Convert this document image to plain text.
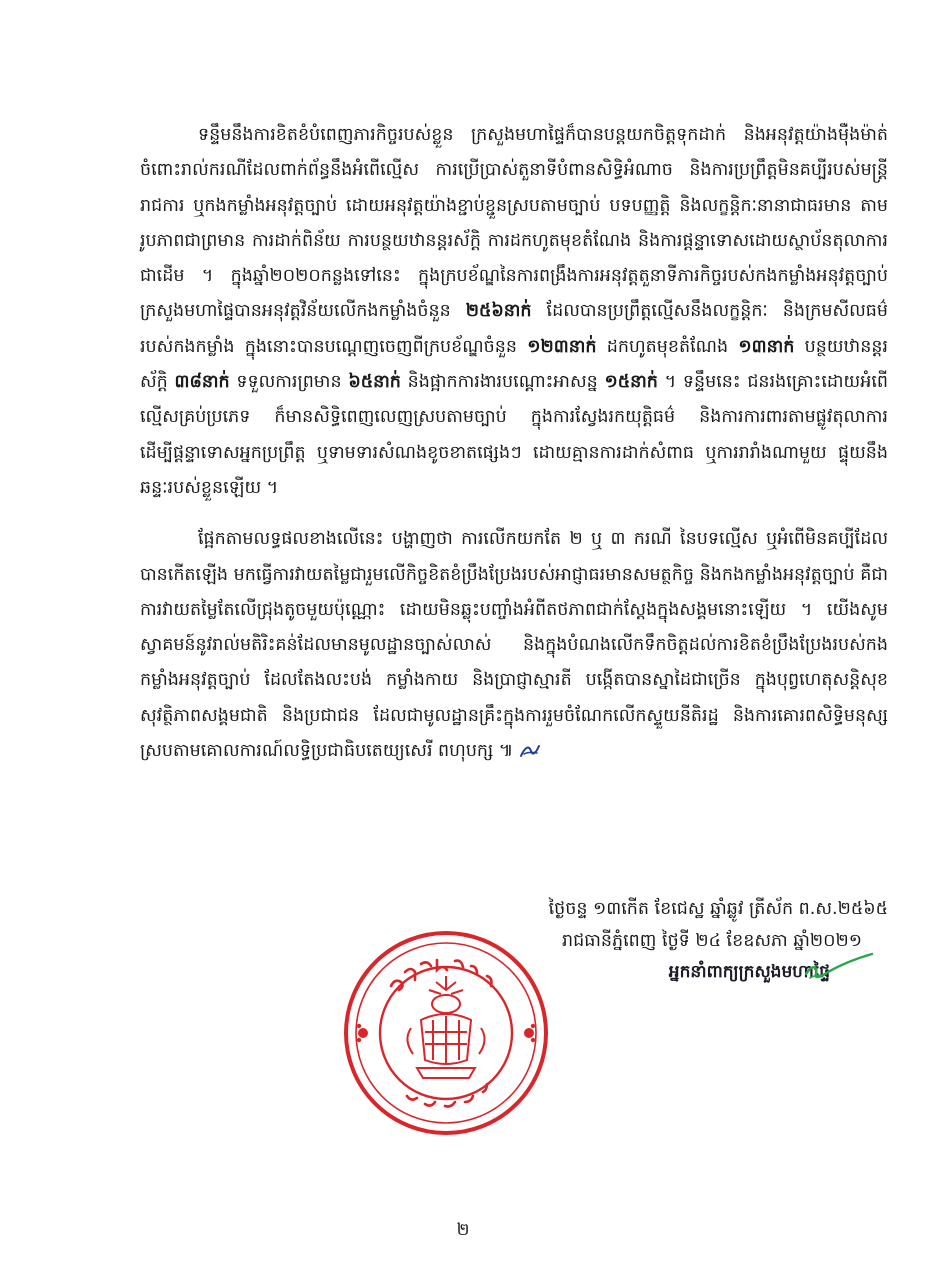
ទន្ទឹមនឹងការខិតខំបំពេញភារកិច្ចរបស់ខ្លួន ក្រសួងមហាផ្ទៃក៏បានបន្តយកចិត្តទុកដាក់ និងអនុវត្តយ៉ាងម៉ឺងម៉ាត់ចំពោះរាល់ករណីដែលពាក់ព័ន្ធនឹងអំពើល្មើស ការប្រើប្រាស់តួនាទីបំពានសិទ្ធិអំណាច និងការប្រព្រឹត្តមិនគប្បីរបស់មន្ត្រីរាជការ ឬកងកម្លាំងអនុវត្តច្បាប់ ដោយអនុវត្តយ៉ាងខ្ជាប់ខ្ជួនស្របតាមច្បាប់ បទបញ្ញត្តិ និងលក្ខន្តិកៈនានាជាធរមាន តាមរូបភាពជាព្រមាន ការដាក់ពិន័យ ការបន្ថយឋានន្តរស័ក្តិ ការដកហូតមុខតំណែង និងការផ្តន្ទាទោសដោយស្ថាប័នតុលាការជាដើម ។ ក្នុងឆ្នាំ២០២០កន្លងទៅនេះ ក្នុងក្របខ័ណ្ឌនៃការពង្រឹងការអនុវត្តតួនាទីភារកិច្ចរបស់កងកម្លាំងអនុវត្តច្បាប់ ក្រសួងមហាផ្ទៃបានអនុវត្តវិន័យលើកងកម្លាំងចំនួន ២៥៦នាក់ ដែលបានប្រព្រឹត្តល្មើសនឹងលក្ខន្តិកៈ និងក្រមសីលធម៌របស់កងកម្លាំង ក្នុងនោះបានបណ្តេញចេញពីក្របខ័ណ្ឌចំនួន ១២៣នាក់ ដកហូតមុខតំណែង ១៣នាក់ បន្ថយឋានន្តរស័ក្តិ ៣៨នាក់ ទទួលការព្រមាន ៦៥នាក់ និងផ្អាកការងារបណ្តោះអាសន្ន ១៥នាក់ ។ ទន្ទឹមនេះ ជនរងគ្រោះដោយអំពើល្មើសគ្រប់ប្រភេទ ក៏មានសិទ្ធិពេញលេញស្របតាមច្បាប់ ក្នុងការស្វែងរកយុត្តិធម៌ និងការការពារតាមផ្លូវតុលាការ ដើម្បីផ្តន្ទាទោសអ្នកប្រព្រឹត្ត ឬទាមទារសំណងខូចខាតផ្សេងៗ ដោយគ្មានការដាក់សំពាធ ឬការរារាំងណាមួយ ផ្ទុយនឹងឆន្ទៈរបស់ខ្លួនឡើយ ។

ផ្អែកតាមលទ្ធផលខាងលើនេះ បង្ហាញថា ការលើកយកតែ ២ ឬ ៣ ករណី នៃបទល្មើស ឬអំពើមិនគប្បីដែលបានកើតឡើង មកធ្វើការវាយតម្លៃជារួមលើកិច្ចខិតខំប្រឹងប្រែងរបស់អាជ្ញាធរមានសមត្ថកិច្ច និងកងកម្លាំងអនុវត្តច្បាប់ គឺជាការវាយតម្លៃតែលើជ្រុងតូចមួយប៉ុណ្ណោះ ដោយមិនឆ្លុះបញ្ចាំងអំពីតថភាពជាក់ស្តែងក្នុងសង្គមនោះឡើយ ។ យើងសូមស្វាគមន៍នូវរាល់មតិរិះគន់ដែលមានមូលដ្ឋានច្បាស់លាស់ និងក្នុងបំណងលើកទឹកចិត្តដល់ការខិតខំប្រឹងប្រែងរបស់កងកម្លាំងអនុវត្តច្បាប់ ដែលតែងលះបង់ កម្លាំងកាយ និងប្រាជ្ញាស្មារតី បង្កើតបានស្នាដៃជាច្រើន ក្នុងបុព្វហេតុសន្តិសុខ សុវត្ថិភាពសង្គមជាតិ និងប្រជាជន ដែលជាមូលដ្ឋានគ្រឹះក្នុងការរួមចំណែកលើកស្ទួយនីតិរដ្ឋ និងការគោរពសិទ្ធិមនុស្ស ស្របតាមគោលការណ៍លទ្ធិប្រជាធិបតេយ្យសេរី ពហុបក្ស ៕

ថ្ងៃចន្ទ ១៣កើត ខែជេស្ឋ ឆ្នាំឆ្លូវ ត្រីស័ក ព.ស.២៥៦៥
រាជធានីភ្នំពេញ ថ្ងៃទី ២៤ ខែឧសភា ឆ្នាំ២០២១
អ្នកនាំពាក្យក្រសួងមហាផ្ទៃ
២
